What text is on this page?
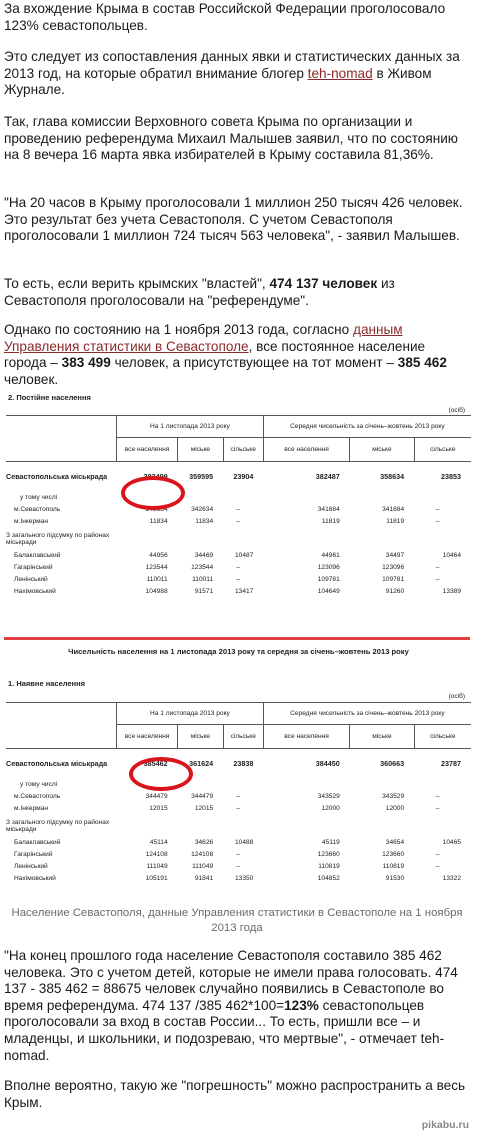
За вхождение Крыма в состав Российской Федерации проголосовало 123% севастопольцев.

Это следует из сопоставления данных явки и статистических данных за 2013 год, на которые обратил внимание блогер teh-nomad в Живом Журнале.

Так, глава комиссии Верховного совета Крыма по организации и проведению референдума Михаил Малышев заявил, что по состоянию на 8 вечера 16 марта явка избирателей в Крыму составила 81,36%.

"На 20 часов в Крыму проголосовали 1 миллион 250 тысяч 426 человек. Это результат без учета Севастополя. С учетом Севастополя проголосовали 1 миллион 724 тысяч 563 человека", - заявил Малышев.

То есть, если верить крымских "властей", 474 137 человек из Севастополя проголосовали на "референдуме".

Однако по состоянию на 1 ноября 2013 года, согласно данным Управления статистики в Севастополе, все постоянное население города – 383 499 человек, а присутствующее на тот момент – 385 462 человек.

2. Постійне населення
(осіб)
	На 1 листопада 2013 року			Середня чисельність за січень–жовтень 2013 року		
	все населення	міське	сільське	все населення	міське	сільське
Севастопольська міськрада	383499	359595	23904	382487	358634	23853
у тому числі						
м.Севастополь	342634	342634	–	341684	341684	–
м.Інкерман	11834	11834	–	11819	11819	–
З загального підсумку по районах міськради						
Балаклавський	44956	34469	10487	44961	34497	10464
Гагарінський	123544	123544	–	123096	123096	–
Ленінський	110011	110011	–	109781	109781	–
Нахімовський	104988	91571	13417	104649	91260	13389
Чисельність населення на 1 листопада 2013 року та середня за січень–жовтень 2013 року
1. Наявне населення
(осіб)
	На 1 листопада 2013 року			Середня чисельність за січень–жовтень 2013 року		
	все населення	міське	сільське	все населення	міське	сільське
Севастопольська міськрада	385462	361624	23838	384450	360663	23787
у тому числі						
м.Севастополь	344479	344479	–	343529	343529	–
м.Інкерман	12015	12015	–	12000	12000	–
З загального підсумку по районах міськради						
Балаклавський	45114	34626	10488	45119	34654	10465
Гагарінський	124108	124108	–	123660	123660	–
Ленінський	111049	111049	–	110819	110819	–
Нахімовський	105191	91841	13350	104852	91530	13322
Население Севастополя, данные Управления статистики в Севастополе на 1 ноября 2013 года

"На конец прошлого года население Севастополя составило 385 462 человека. Это с учетом детей, которые не имели права голосовать. 474 137 - 385 462 = 88675 человек случайно появились в Севастополе во время референдума. 474 137 /385 462*100=123% севастопольцев проголосовали за вход в состав России... То есть, пришли все – и младенцы, и школьники, и подозреваю, что мертвые", - отмечает teh-nomad.

Вполне вероятно, такую же "погрешность" можно распространить а весь Крым.

pikabu.ru
